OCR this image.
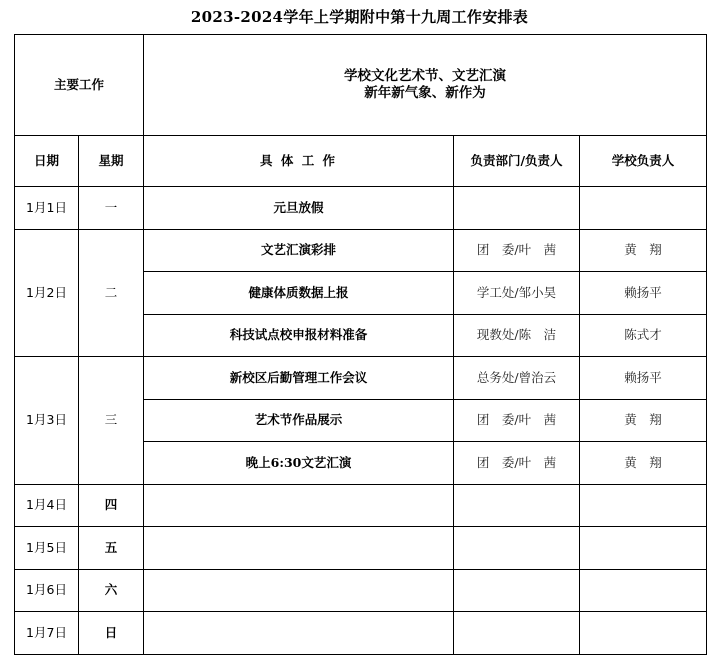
2023-2024学年上学期附中第十九周工作安排表
主要工作		学校文化艺术节、文艺汇演
新年新气象、新作为		

日期	星期	具 体 工 作	负责部门/负责人	学校负责人
1月1日	一	元旦放假		
1月2日	二	文艺汇演彩排	团　委/叶　茜	黄　翔
		健康体质数据上报	学工处/邹小昊	赖扬平
		科技试点校申报材料准备	现教处/陈　洁	陈式才
1月3日	三	新校区后勤管理工作会议	总务处/曾治云	赖扬平
		艺术节作品展示	团　委/叶　茜	黄　翔
		晚上6:30文艺汇演	团　委/叶　茜	黄　翔
1月4日	四			
1月5日	五			
1月6日	六			
1月7日	日			
